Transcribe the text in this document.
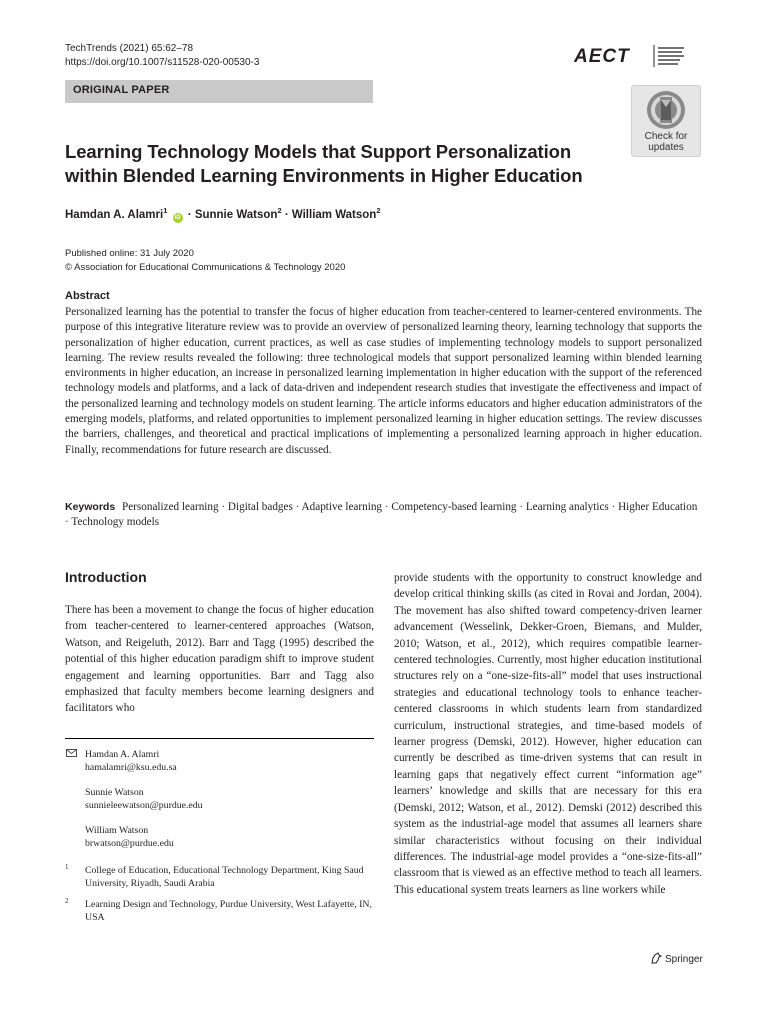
TechTrends (2021) 65:62–78
https://doi.org/10.1007/s11528-020-00530-3	AECT
ORIGINAL PAPER
Check for
updates
Learning Technology Models that Support Personalization
within Blended Learning Environments in Higher Education
Hamdan A. Alamri$^1$ iD · Sunnie Watson$^2$ · William Watson$^2$
Published online: 31 July 2020
© Association for Educational Communications & Technology 2020
Abstract
Personalized learning has the potential to transfer the focus of higher education from teacher-centered to learner-centered environments. The purpose of this integrative literature review was to provide an overview of personalized learning theory, learning technology that supports the personalization of higher education, current practices, as well as case studies of implementing technology models to support personalized learning. The review results revealed the following: three technological models that support personalized learning within blended learning environments in higher education, an increase in personalized learning implementation in higher education with the support of the referenced technology models and platforms, and a lack of data-driven and independent research studies that investigate the effectiveness and impact of the personalized learning and technology models on student learning. The article informs educators and higher education administrators of the emerging models, platforms, and related opportunities to implement personalized learning in higher education settings. The review discusses the barriers, challenges, and theoretical and practical implications of implementing a personalized learning approach in higher education. Finally, recommendations for future research are discussed.
Keywords Personalized learning · Digital badges · Adaptive learning · Competency-based learning · Learning analytics · Higher Education · Technology models
Introduction
There has been a movement to change the focus of higher education from teacher-centered to learner-centered approaches (Watson, Watson, and Reigeluth, 2012). Barr and Tagg (1995) described the potential of this higher education paradigm shift to improve student engagement and learning opportunities. Barr and Tagg also emphasized that faculty members become learning designers and facilitators who
provide students with the opportunity to construct knowledge and develop critical thinking skills (as cited in Rovai and Jordan, 2004). The movement has also shifted toward competency-driven learner advancement (Wesselink, Dekker-Groen, Biemans, and Mulder, 2010; Watson, et al., 2012), which requires compatible learner-centered technologies. Currently, most higher education institutional structures rely on a “one-size-fits-all” model that uses instructional strategies and educational technology tools to enhance teacher-centered classrooms in which students learn from standardized curriculum, instructional strategies, and time-based models of learner progress (Demski, 2012). However, higher education can currently be described as time-driven systems that can result in learning gaps that negatively effect current “information age” learners’ knowledge and skills that are necessary for this era (Demski, 2012; Watson, et al., 2012). Demski (2012) described this system as the industrial-age model that assumes all learners share similar characteristics without focusing on their individual differences. The industrial-age model provides a “one-size-fits-all” classroom that is viewed as an effective method to teach all learners. This educational system treats learners as line workers while
Hamdan A. Alamri
hamalamri@ksu.edu.sa
Sunnie Watson
sunnieleewatson@purdue.edu
William Watson
brwatson@purdue.edu
1 College of Education, Educational Technology Department, King Saud University, Riyadh, Saudi Arabia
2 Learning Design and Technology, Purdue University, West Lafayette, IN, USA
Springer
